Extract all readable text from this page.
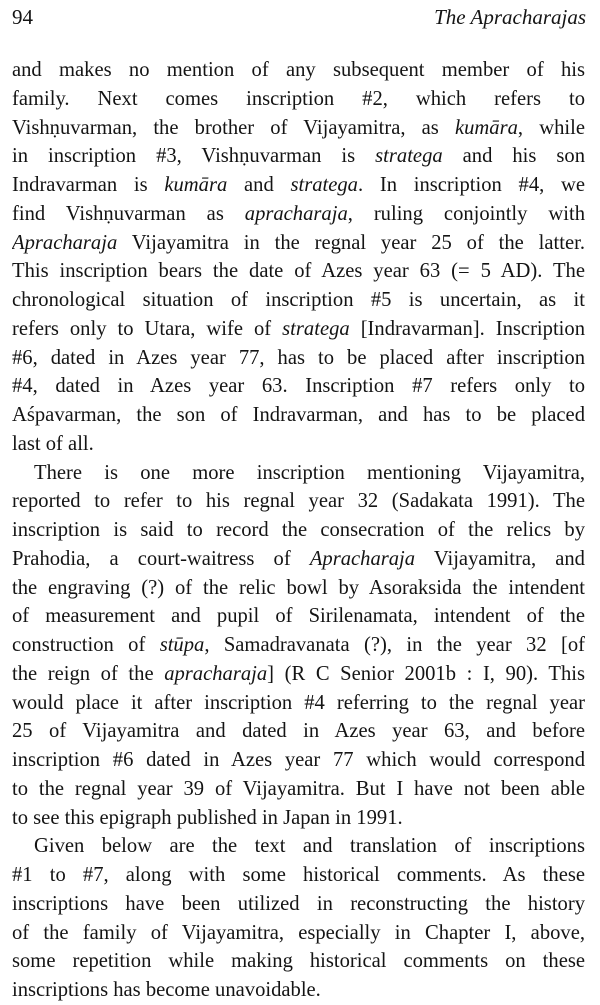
94	The Apracharajas

and makes no mention of any subsequent member of his
family. Next comes inscription #2, which refers to
Vishṇuvarman, the brother of Vijayamitra, as kumāra, while
in inscription #3, Vishṇuvarman is stratega and his son
Indravarman is kumāra and stratega. In inscription #4, we
find Vishṇuvarman as apracharaja, ruling conjointly with
Apracharaja Vijayamitra in the regnal year 25 of the latter.
This inscription bears the date of Azes year 63 (= 5 AD). The
chronological situation of inscription #5 is uncertain, as it
refers only to Utara, wife of stratega [Indravarman]. Inscription
#6, dated in Azes year 77, has to be placed after inscription
#4, dated in Azes year 63. Inscription #7 refers only to
Aśpavarman, the son of Indravarman, and has to be placed
last of all.

There is one more inscription mentioning Vijayamitra,
reported to refer to his regnal year 32 (Sadakata 1991). The
inscription is said to record the consecration of the relics by
Prahodia, a court-waitress of Apracharaja Vijayamitra, and
the engraving (?) of the relic bowl by Asoraksida the intendent
of measurement and pupil of Sirilenamata, intendent of the
construction of stūpa, Samadravanata (?), in the year 32 [of
the reign of the apracharaja] (R C Senior 2001b : I, 90). This
would place it after inscription #4 referring to the regnal year
25 of Vijayamitra and dated in Azes year 63, and before
inscription #6 dated in Azes year 77 which would correspond
to the regnal year 39 of Vijayamitra. But I have not been able
to see this epigraph published in Japan in 1991.

Given below are the text and translation of inscriptions
#1 to #7, along with some historical comments. As these
inscriptions have been utilized in reconstructing the history
of the family of Vijayamitra, especially in Chapter I, above,
some repetition while making historical comments on these
inscriptions has become unavoidable.
